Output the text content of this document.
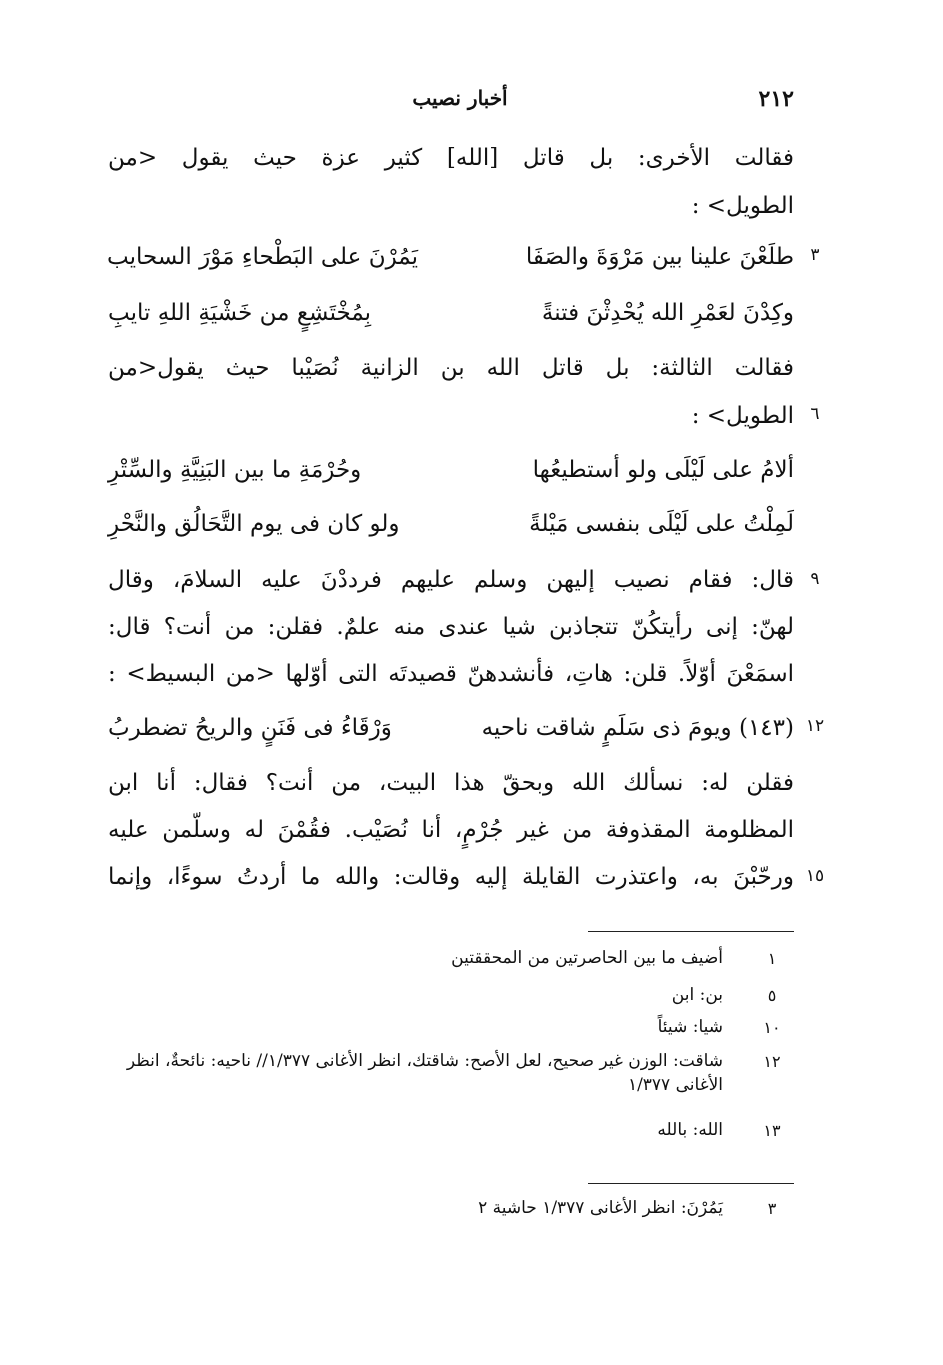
٢١٢
أخبار نصيب
فقالت الأخرى: بل قاتل [الله] كثير عزة حيث يقول <من
الطويل> :
٣
طلَعْنَ علينا بين مَرْوَةَ والصَفَا
يَمُرْنَ على البَطْحاءِ مَوْرَ السحايب
وكِدْنَ لعَمْرِ الله يُحْدِثْنَ فتنةً
بِمُخْتَشِعٍ من خَشْيَةِ اللهِ تايبِ
فقالت الثالثة: بل قاتل الله بن الزانية نُصَيْبا حيث يقول<من
٦
الطويل> :
ألامُ على لَيْلَى ولو أستطيعُها
وحُرْمَةِ ما بين البَنِيَّةِ والسِّتْرِ
لَمِلْتُ على لَيْلَى بنفسى مَيْلةً
ولو كان فى يوم التَّحَالُق والنَّحْرِ
٩
قال: فقام نصيب إليهن وسلم عليهم فرددْنَ عليه السلامَ، وقال
لهنّ: إنى رأيتكُنّ تتجاذبن شيا عندى منه علمٌ. فقلن: من أنت؟ قال:
اسمَعْنَ أوّلاً. قلن: هاتِ، فأنشدهنّ قصيدتَه التى أوّلها <من البسيط> :
١٢
(١٤٣) ويومَ ذى سَلَمٍ شاقت ناحيه
وَرْقَاءُ فى فَنَنٍ والريحُ تضطربُ
فقلن له: نسألك الله وبحقّ هذا البيت، من أنت؟ فقال: أنا ابن
المظلومة المقذوفة من غير جُرْمٍ، أنا نُصَيْب. فقُمْنَ له وسلّمن عليه
١٥
ورحّبْنَ به، واعتذرت القايلة إليه وقالت: والله ما أردتُ سوءًا، وإنما
١
أضيف ما بين الحاصرتين من المحققتين
٥
بن: ابن
١٠
شيا: شيئاً
١٢
شاقت: الوزن غير صحيح، لعل الأصح: شاقتك، انظر الأغانى ١/٣٧٧// ناحيه: نائحةٌ، انظر الأغانى ١/٣٧٧
١٣
الله: بالله
٣
يَمُرْنَ: انظر الأغانى ١/٣٧٧ حاشية ٢
